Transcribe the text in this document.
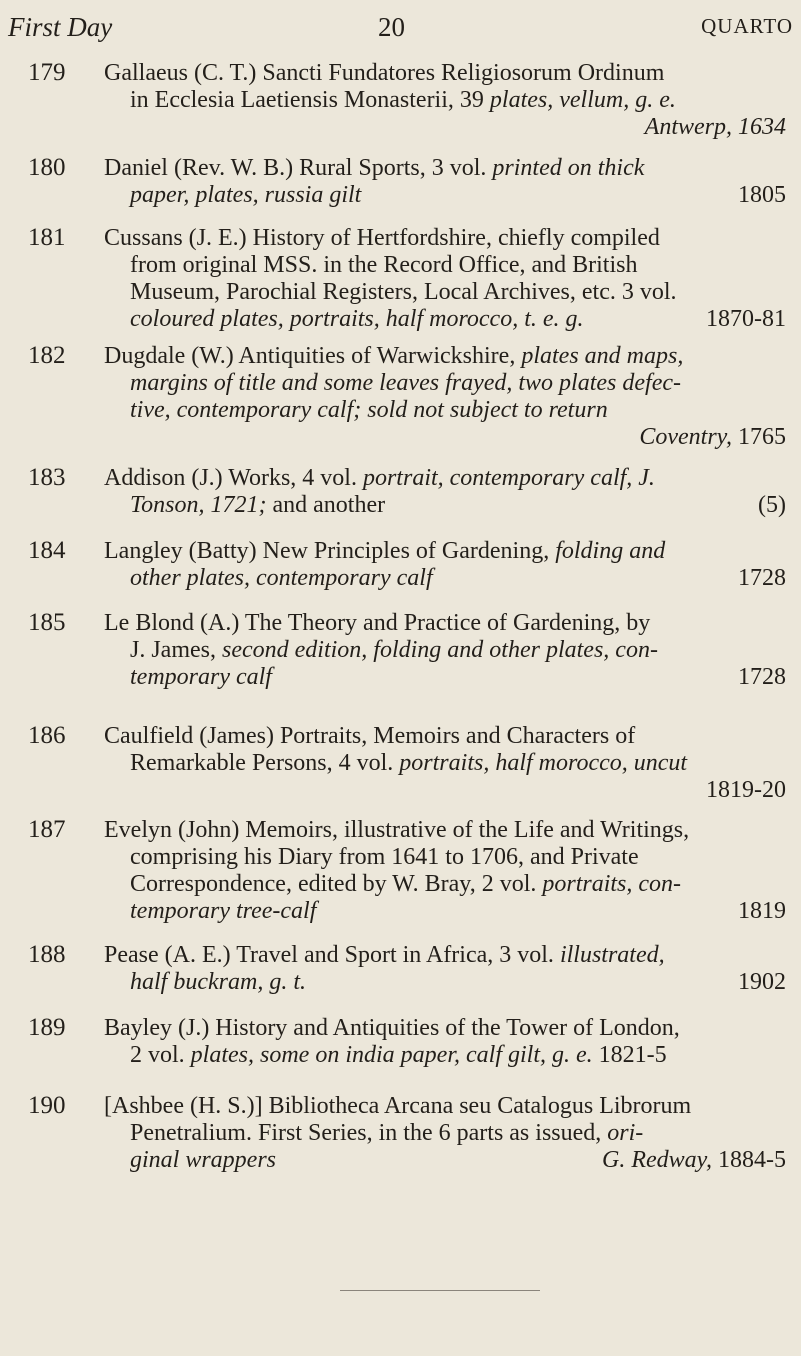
First Day	20	QUARTO
179 Gallaeus (C. T.) Sancti Fundatores Religiosorum Ordinum
in Ecclesia Laetiensis Monasterii, 39 plates, vellum, g. e.
Antwerp, 1634
180 Daniel (Rev. W. B.) Rural Sports, 3 vol. printed on thick
paper, plates, russia gilt	1805
181 Cussans (J. E.) History of Hertfordshire, chiefly compiled
from original MSS. in the Record Office, and British
Museum, Parochial Registers, Local Archives, etc. 3 vol.
coloured plates, portraits, half morocco, t. e. g.	1870-81
182 Dugdale (W.) Antiquities of Warwickshire, plates and maps,
margins of title and some leaves frayed, two plates defec-
tive, contemporary calf; sold not subject to return
Coventry, 1765
183 Addison (J.) Works, 4 vol. portrait, contemporary calf, J.
Tonson, 1721; and another	(5)
184 Langley (Batty) New Principles of Gardening, folding and
other plates, contemporary calf	1728
185 Le Blond (A.) The Theory and Practice of Gardening, by
J. James, second edition, folding and other plates, con-
temporary calf	1728
186 Caulfield (James) Portraits, Memoirs and Characters of
Remarkable Persons, 4 vol. portraits, half morocco, uncut
1819-20
187 Evelyn (John) Memoirs, illustrative of the Life and Writings,
comprising his Diary from 1641 to 1706, and Private
Correspondence, edited by W. Bray, 2 vol. portraits, con-
temporary tree-calf	1819
188 Pease (A. E.) Travel and Sport in Africa, 3 vol. illustrated,
half buckram, g. t.	1902
189 Bayley (J.) History and Antiquities of the Tower of London,
2 vol. plates, some on india paper, calf gilt, g. e. 1821-5
190 [Ashbee (H. S.)] Bibliotheca Arcana seu Catalogus Librorum
Penetralium. First Series, in the 6 parts as issued, ori-
ginal wrappers	G. Redway, 1884-5
